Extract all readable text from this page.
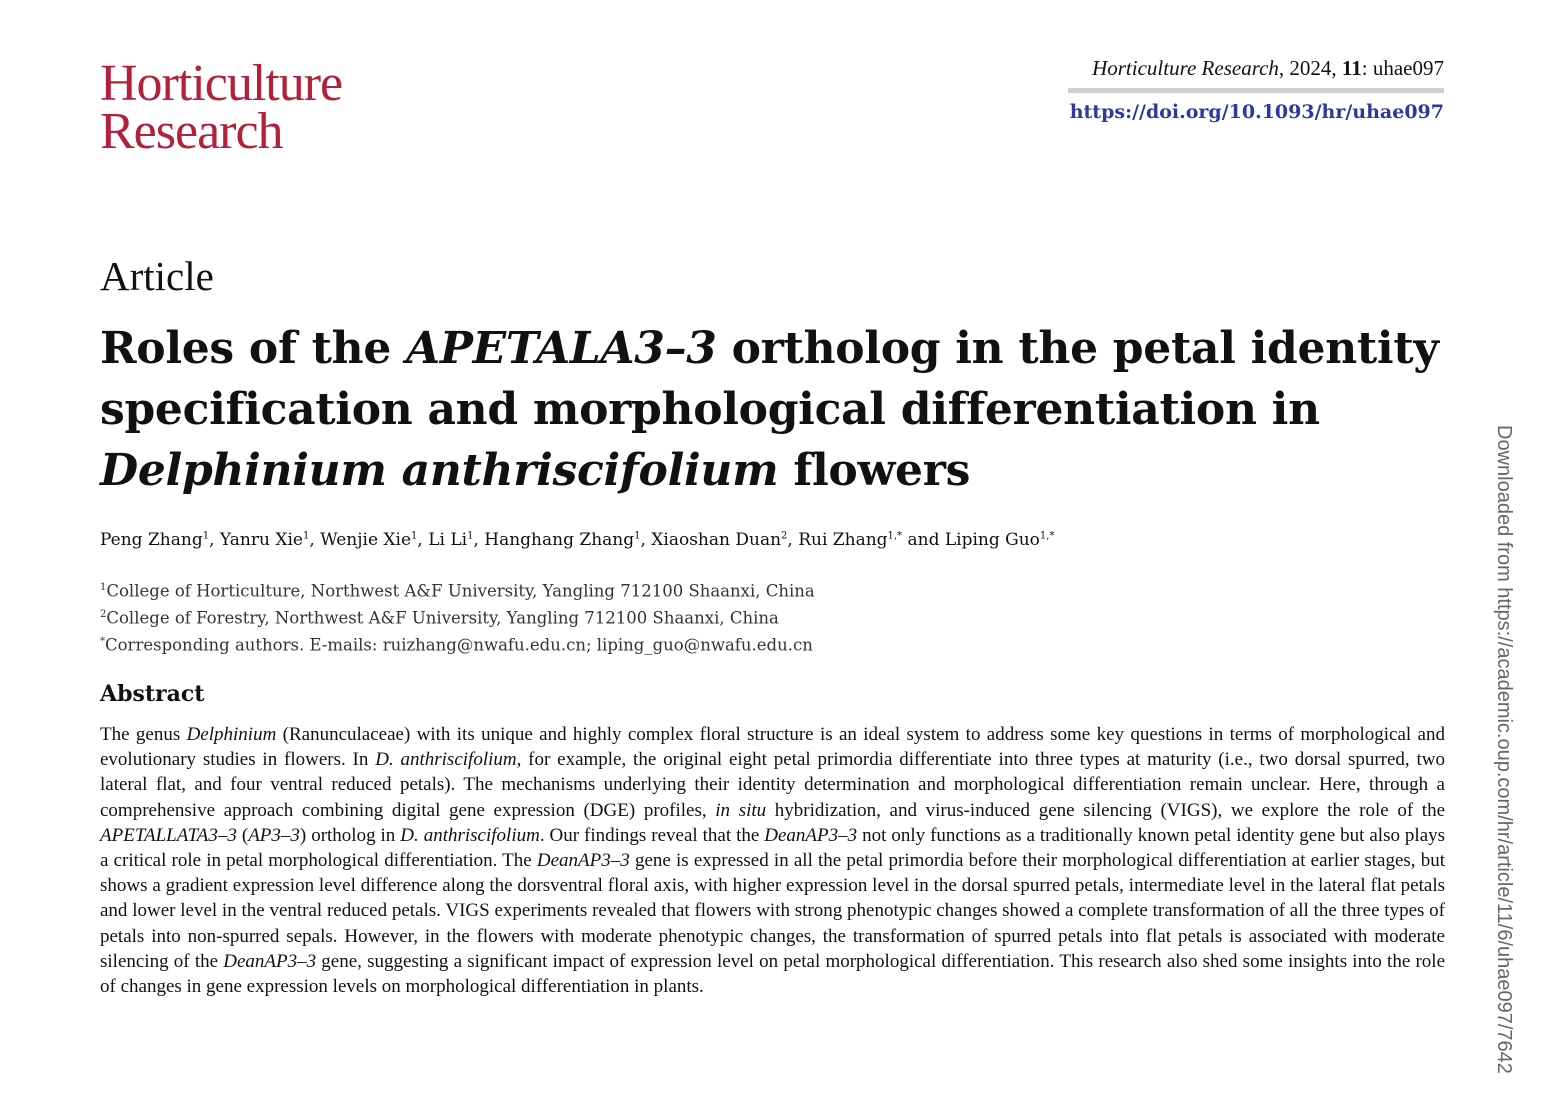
Horticulture
Research
Horticulture Research, 2024, 11: uhae097
https://doi.org/10.1093/hr/uhae097
Article
Roles of the APETALA3–3 ortholog in the petal identity specification and morphological differentiation in Delphinium anthriscifolium flowers
Peng Zhang$^1$, Yanru Xie$^1$, Wenjie Xie$^1$, Li Li$^1$, Hanghang Zhang$^1$, Xiaoshan Duan$^2$, Rui Zhang$^{1,*}$ and Liping Guo$^{1,*}$
$^1$College of Horticulture, Northwest A&F University, Yangling 712100 Shaanxi, China
$^2$College of Forestry, Northwest A&F University, Yangling 712100 Shaanxi, China
*Corresponding authors. E-mails: ruizhang@nwafu.edu.cn; liping_guo@nwafu.edu.cn
Abstract

The genus Delphinium (Ranunculaceae) with its unique and highly complex floral structure is an ideal system to address some key questions in terms of morphological and evolutionary studies in flowers. In D. anthriscifolium, for example, the original eight petal primordia differentiate into three types at maturity (i.e., two dorsal spurred, two lateral flat, and four ventral reduced petals). The mechanisms underlying their identity determination and morphological differentiation remain unclear. Here, through a comprehensive approach combining digital gene expression (DGE) profiles, in situ hybridization, and virus-induced gene silencing (VIGS), we explore the role of the APETALLATA3–3 (AP3–3) ortholog in D. anthriscifolium. Our findings reveal that the DeanAP3–3 not only functions as a traditionally known petal identity gene but also plays a critical role in petal morphological differentiation. The DeanAP3–3 gene is expressed in all the petal primordia before their morphological differentiation at earlier stages, but shows a gradient expression level difference along the dorsventral floral axis, with higher expression level in the dorsal spurred petals, intermediate level in the lateral flat petals and lower level in the ventral reduced petals. VIGS experiments revealed that flowers with strong phenotypic changes showed a complete transformation of all the three types of petals into non-spurred sepals. However, in the flowers with moderate phenotypic changes, the transformation of spurred petals into flat petals is associated with moderate silencing of the DeanAP3–3 gene, suggesting a significant impact of expression level on petal morphological differentiation. This research also shed some insights into the role of changes in gene expression levels on morphological differentiation in plants.	Downloaded from https://academic.oup.com/hr/article/11/6/uhae097/7642
